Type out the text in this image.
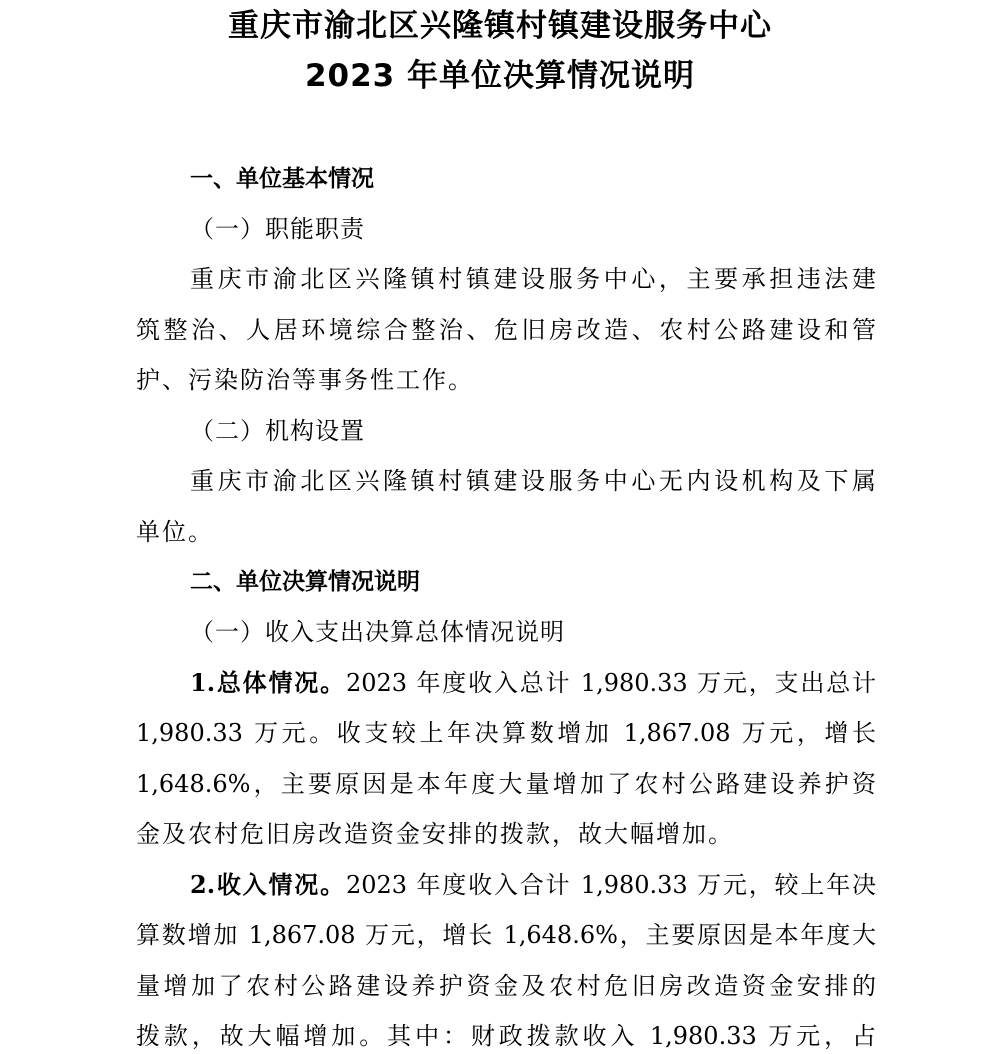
重庆市渝北区兴隆镇村镇建设服务中心
2023 年单位决算情况说明
一、单位基本情况
（一）职能职责
重庆市渝北区兴隆镇村镇建设服务中心，主要承担违法建
筑整治、人居环境综合整治、危旧房改造、农村公路建设和管
护、污染防治等事务性工作。
（二）机构设置
重庆市渝北区兴隆镇村镇建设服务中心无内设机构及下属
单位。
二、单位决算情况说明
（一）收入支出决算总体情况说明
1.总体情况。2023 年度收入总计 1,980.33 万元，支出总计
1,980.33 万元。收支较上年决算数增加 1,867.08 万元，增长
1,648.6%，主要原因是本年度大量增加了农村公路建设养护资
金及农村危旧房改造资金安排的拨款，故大幅增加。
2.收入情况。2023 年度收入合计 1,980.33 万元，较上年决
算数增加 1,867.08 万元，增长 1,648.6%，主要原因是本年度大
量增加了农村公路建设养护资金及农村危旧房改造资金安排的
拨款，故大幅增加。其中：财政拨款收入 1,980.33 万元，占
